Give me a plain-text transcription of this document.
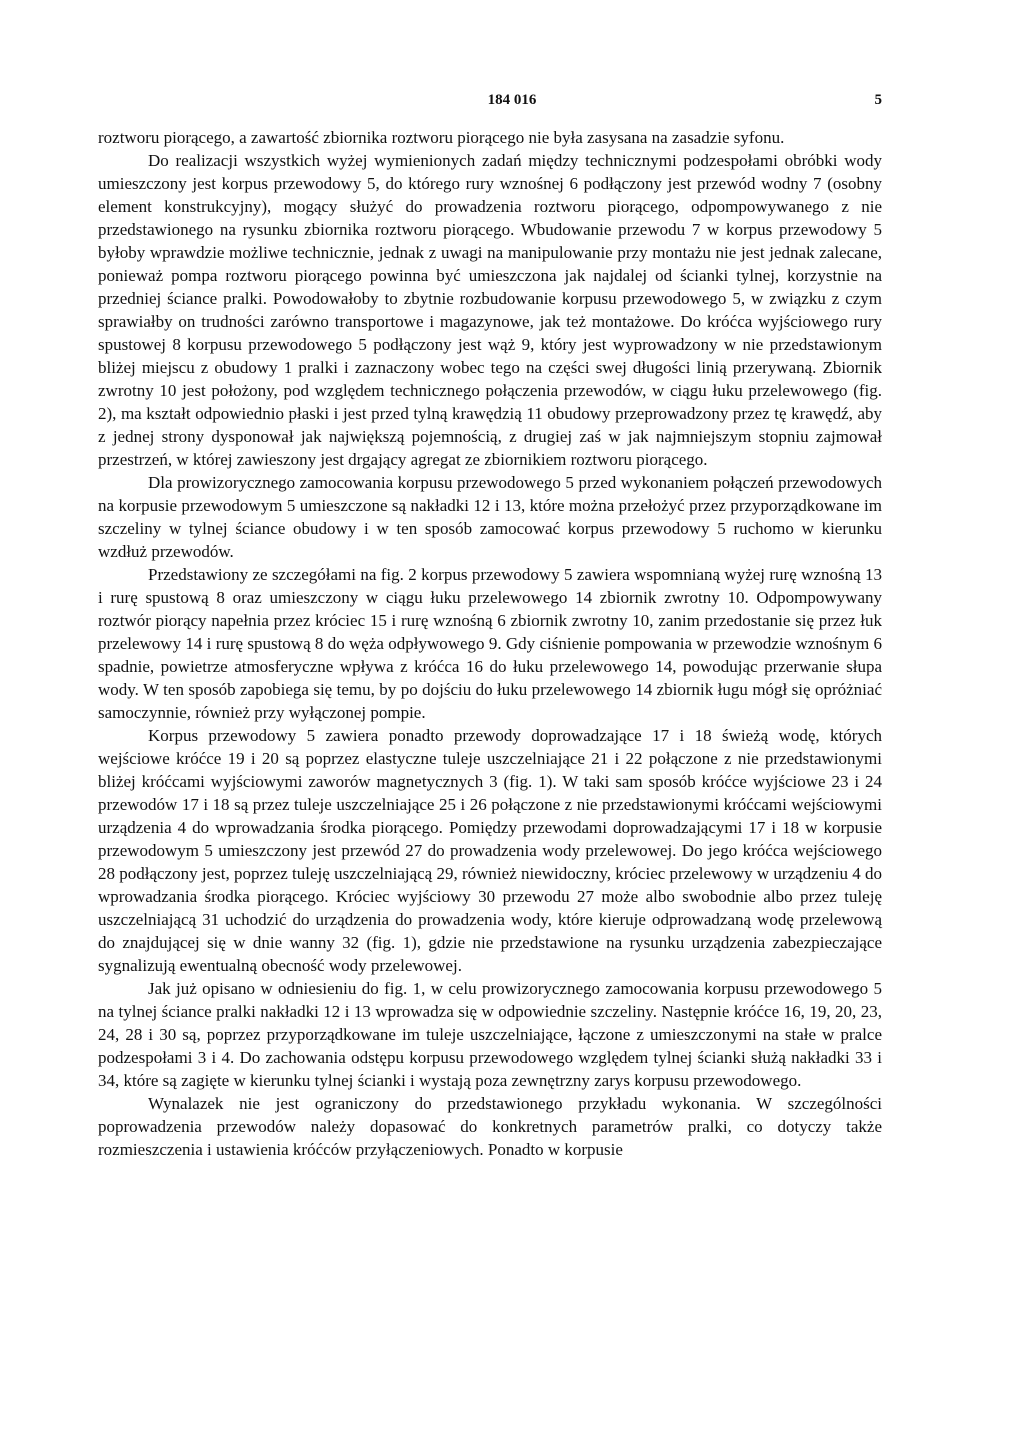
184 016	5

roztworu piorącego, a zawartość zbiornika roztworu piorącego nie była zasysana na zasadzie syfonu.

Do realizacji wszystkich wyżej wymienionych zadań między technicznymi podzespołami obróbki wody umieszczony jest korpus przewodowy 5, do którego rury wznośnej 6 podłączony jest przewód wodny 7 (osobny element konstrukcyjny), mogący służyć do prowadzenia roztworu piorącego, odpompowywanego z nie przedstawionego na rysunku zbiornika roztworu piorącego. Wbudowanie przewodu 7 w korpus przewodowy 5 byłoby wprawdzie możliwe technicznie, jednak z uwagi na manipulowanie przy montażu nie jest jednak zalecane, ponieważ pompa roztworu piorącego powinna być umieszczona jak najdalej od ścianki tylnej, korzystnie na przedniej ściance pralki. Powodowałoby to zbytnie rozbudowanie korpusu przewodowego 5, w związku z czym sprawiałby on trudności zarówno transportowe i magazynowe, jak też montażowe. Do króćca wyjściowego rury spustowej 8 korpusu przewodowego 5 podłączony jest wąż 9, który jest wyprowadzony w nie przedstawionym bliżej miejscu z obudowy 1 pralki i zaznaczony wobec tego na części swej długości linią przerywaną. Zbiornik zwrotny 10 jest położony, pod względem technicznego połączenia przewodów, w ciągu łuku przelewowego (fig. 2), ma kształt odpowiednio płaski i jest przed tylną krawędzią 11 obudowy przeprowadzony przez tę krawędź, aby z jednej strony dysponował jak największą pojemnością, z drugiej zaś w jak najmniejszym stopniu zajmował przestrzeń, w której zawieszony jest drgający agregat ze zbiornikiem roztworu piorącego.

Dla prowizorycznego zamocowania korpusu przewodowego 5 przed wykonaniem połączeń przewodowych na korpusie przewodowym 5 umieszczone są nakładki 12 i 13, które można przełożyć przez przyporządkowane im szczeliny w tylnej ściance obudowy i w ten sposób zamocować korpus przewodowy 5 ruchomo w kierunku wzdłuż przewodów.

Przedstawiony ze szczegółami na fig. 2 korpus przewodowy 5 zawiera wspomnianą wyżej rurę wznośną 13 i rurę spustową 8 oraz umieszczony w ciągu łuku przelewowego 14 zbiornik zwrotny 10. Odpompowywany roztwór piorący napełnia przez króciec 15 i rurę wznośną 6 zbiornik zwrotny 10, zanim przedostanie się przez łuk przelewowy 14 i rurę spustową 8 do węża odpływowego 9. Gdy ciśnienie pompowania w przewodzie wznośnym 6 spadnie, powietrze atmosferyczne wpływa z króćca 16 do łuku przelewowego 14, powodując przerwanie słupa wody. W ten sposób zapobiega się temu, by po dojściu do łuku przelewowego 14 zbiornik ługu mógł się opróżniać samoczynnie, również przy wyłączonej pompie.

Korpus przewodowy 5 zawiera ponadto przewody doprowadzające 17 i 18 świeżą wodę, których wejściowe króćce 19 i 20 są poprzez elastyczne tuleje uszczelniające 21 i 22 połączone z nie przedstawionymi bliżej króćcami wyjściowymi zaworów magnetycznych 3 (fig. 1). W taki sam sposób króćce wyjściowe 23 i 24 przewodów 17 i 18 są przez tuleje uszczelniające 25 i 26 połączone z nie przedstawionymi króćcami wejściowymi urządzenia 4 do wprowadzania środka piorącego. Pomiędzy przewodami doprowadzającymi 17 i 18 w korpusie przewodowym 5 umieszczony jest przewód 27 do prowadzenia wody przelewowej. Do jego króćca wejściowego 28 podłączony jest, poprzez tuleję uszczelniającą 29, również niewidoczny, króciec przelewowy w urządzeniu 4 do wprowadzania środka piorącego. Króciec wyjściowy 30 przewodu 27 może albo swobodnie albo przez tuleję uszczelniającą 31 uchodzić do urządzenia do prowadzenia wody, które kieruje odprowadzaną wodę przelewową do znajdującej się w dnie wanny 32 (fig. 1), gdzie nie przedstawione na rysunku urządzenia zabezpieczające sygnalizują ewentualną obecność wody przelewowej.

Jak już opisano w odniesieniu do fig. 1, w celu prowizorycznego zamocowania korpusu przewodowego 5 na tylnej ściance pralki nakładki 12 i 13 wprowadza się w odpowiednie szczeliny. Następnie króćce 16, 19, 20, 23, 24, 28 i 30 są, poprzez przyporządkowane im tuleje uszczelniające, łączone z umieszczonymi na stałe w pralce podzespołami 3 i 4. Do zachowania odstępu korpusu przewodowego względem tylnej ścianki służą nakładki 33 i 34, które są zagięte w kierunku tylnej ścianki i wystają poza zewnętrzny zarys korpusu przewodowego.

Wynalazek nie jest ograniczony do przedstawionego przykładu wykonania. W szczególności poprowadzenia przewodów należy dopasować do konkretnych parametrów pralki, co dotyczy także rozmieszczenia i ustawienia króćców przyłączeniowych. Ponadto w korpusie
